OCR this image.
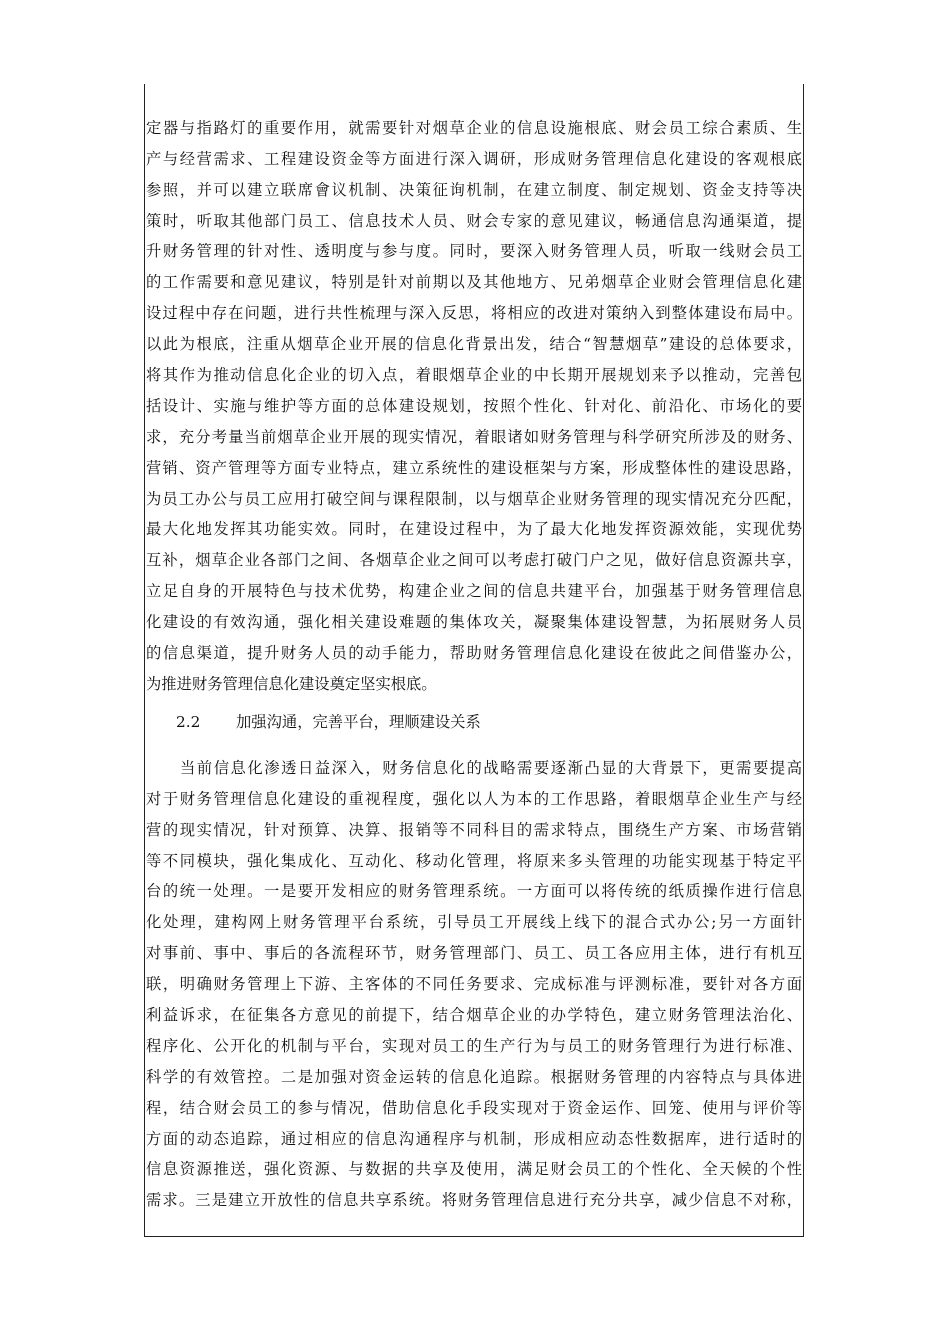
定器与指路灯的重要作用，就需要针对烟草企业的信息设施根底、财会员工综合素质、生
产与经营需求、工程建设资金等方面进行深入调研，形成财务管理信息化建设的客观根底
参照，并可以建立联席會议机制、决策征询机制，在建立制度、制定规划、资金支持等决
策时，听取其他部门员工、信息技术人员、财会专家的意见建议，畅通信息沟通渠道，提
升财务管理的针对性、透明度与参与度。同时，要深入财务管理人员，听取一线财会员工
的工作需要和意见建议，特别是针对前期以及其他地方、兄弟烟草企业财会管理信息化建
设过程中存在问题，进行共性梳理与深入反思，将相应的改进对策纳入到整体建设布局中。
以此为根底，注重从烟草企业开展的信息化背景出发，结合“智慧烟草”建设的总体要求，
将其作为推动信息化企业的切入点，着眼烟草企业的中长期开展规划来予以推动，完善包
括设计、实施与维护等方面的总体建设规划，按照个性化、针对化、前沿化、市场化的要
求，充分考量当前烟草企业开展的现实情况，着眼诸如财务管理与科学研究所涉及的财务、
营销、资产管理等方面专业特点，建立系统性的建设框架与方案，形成整体性的建设思路，
为员工办公与员工应用打破空间与课程限制，以与烟草企业财务管理的现实情况充分匹配，
最大化地发挥其功能实效。同时，在建设过程中，为了最大化地发挥资源效能，实现优势
互补，烟草企业各部门之间、各烟草企业之间可以考虑打破门户之见，做好信息资源共享，
立足自身的开展特色与技术优势，构建企业之间的信息共建平台，加强基于财务管理信息
化建设的有效沟通，强化相关建设难题的集体攻关，凝聚集体建设智慧，为拓展财务人员
的信息渠道，提升财务人员的动手能力，帮助财务管理信息化建设在彼此之间借鉴办公，
为推进财务管理信息化建设奠定坚实根底。
2.2 加强沟通，完善平台，理顺建设关系
当前信息化渗透日益深入，财务信息化的战略需要逐渐凸显的大背景下，更需要提高
对于财务管理信息化建设的重视程度，强化以人为本的工作思路，着眼烟草企业生产与经
营的现实情况，针对预算、决算、报销等不同科目的需求特点，围绕生产方案、市场营销
等不同模块，强化集成化、互动化、移动化管理，将原来多头管理的功能实现基于特定平
台的统一处理。一是要开发相应的财务管理系统。一方面可以将传统的纸质操作进行信息
化处理，建构网上财务管理平台系统，引导员工开展线上线下的混合式办公;另一方面针
对事前、事中、事后的各流程环节，财务管理部门、员工、员工各应用主体，进行有机互
联，明确财务管理上下游、主客体的不同任务要求、完成标准与评测标准，要针对各方面
利益诉求，在征集各方意见的前提下，结合烟草企业的办学特色，建立财务管理法治化、
程序化、公开化的机制与平台，实现对员工的生产行为与员工的财务管理行为进行标准、
科学的有效管控。二是加强对资金运转的信息化追踪。根据财务管理的内容特点与具体进
程，结合财会员工的参与情况，借助信息化手段实现对于资金运作、回笼、使用与评价等
方面的动态追踪，通过相应的信息沟通程序与机制，形成相应动态性数据库，进行适时的
信息资源推送，强化资源、与数据的共享及使用，满足财会员工的个性化、全天候的个性
需求。三是建立开放性的信息共享系统。将财务管理信息进行充分共享，减少信息不对称，
